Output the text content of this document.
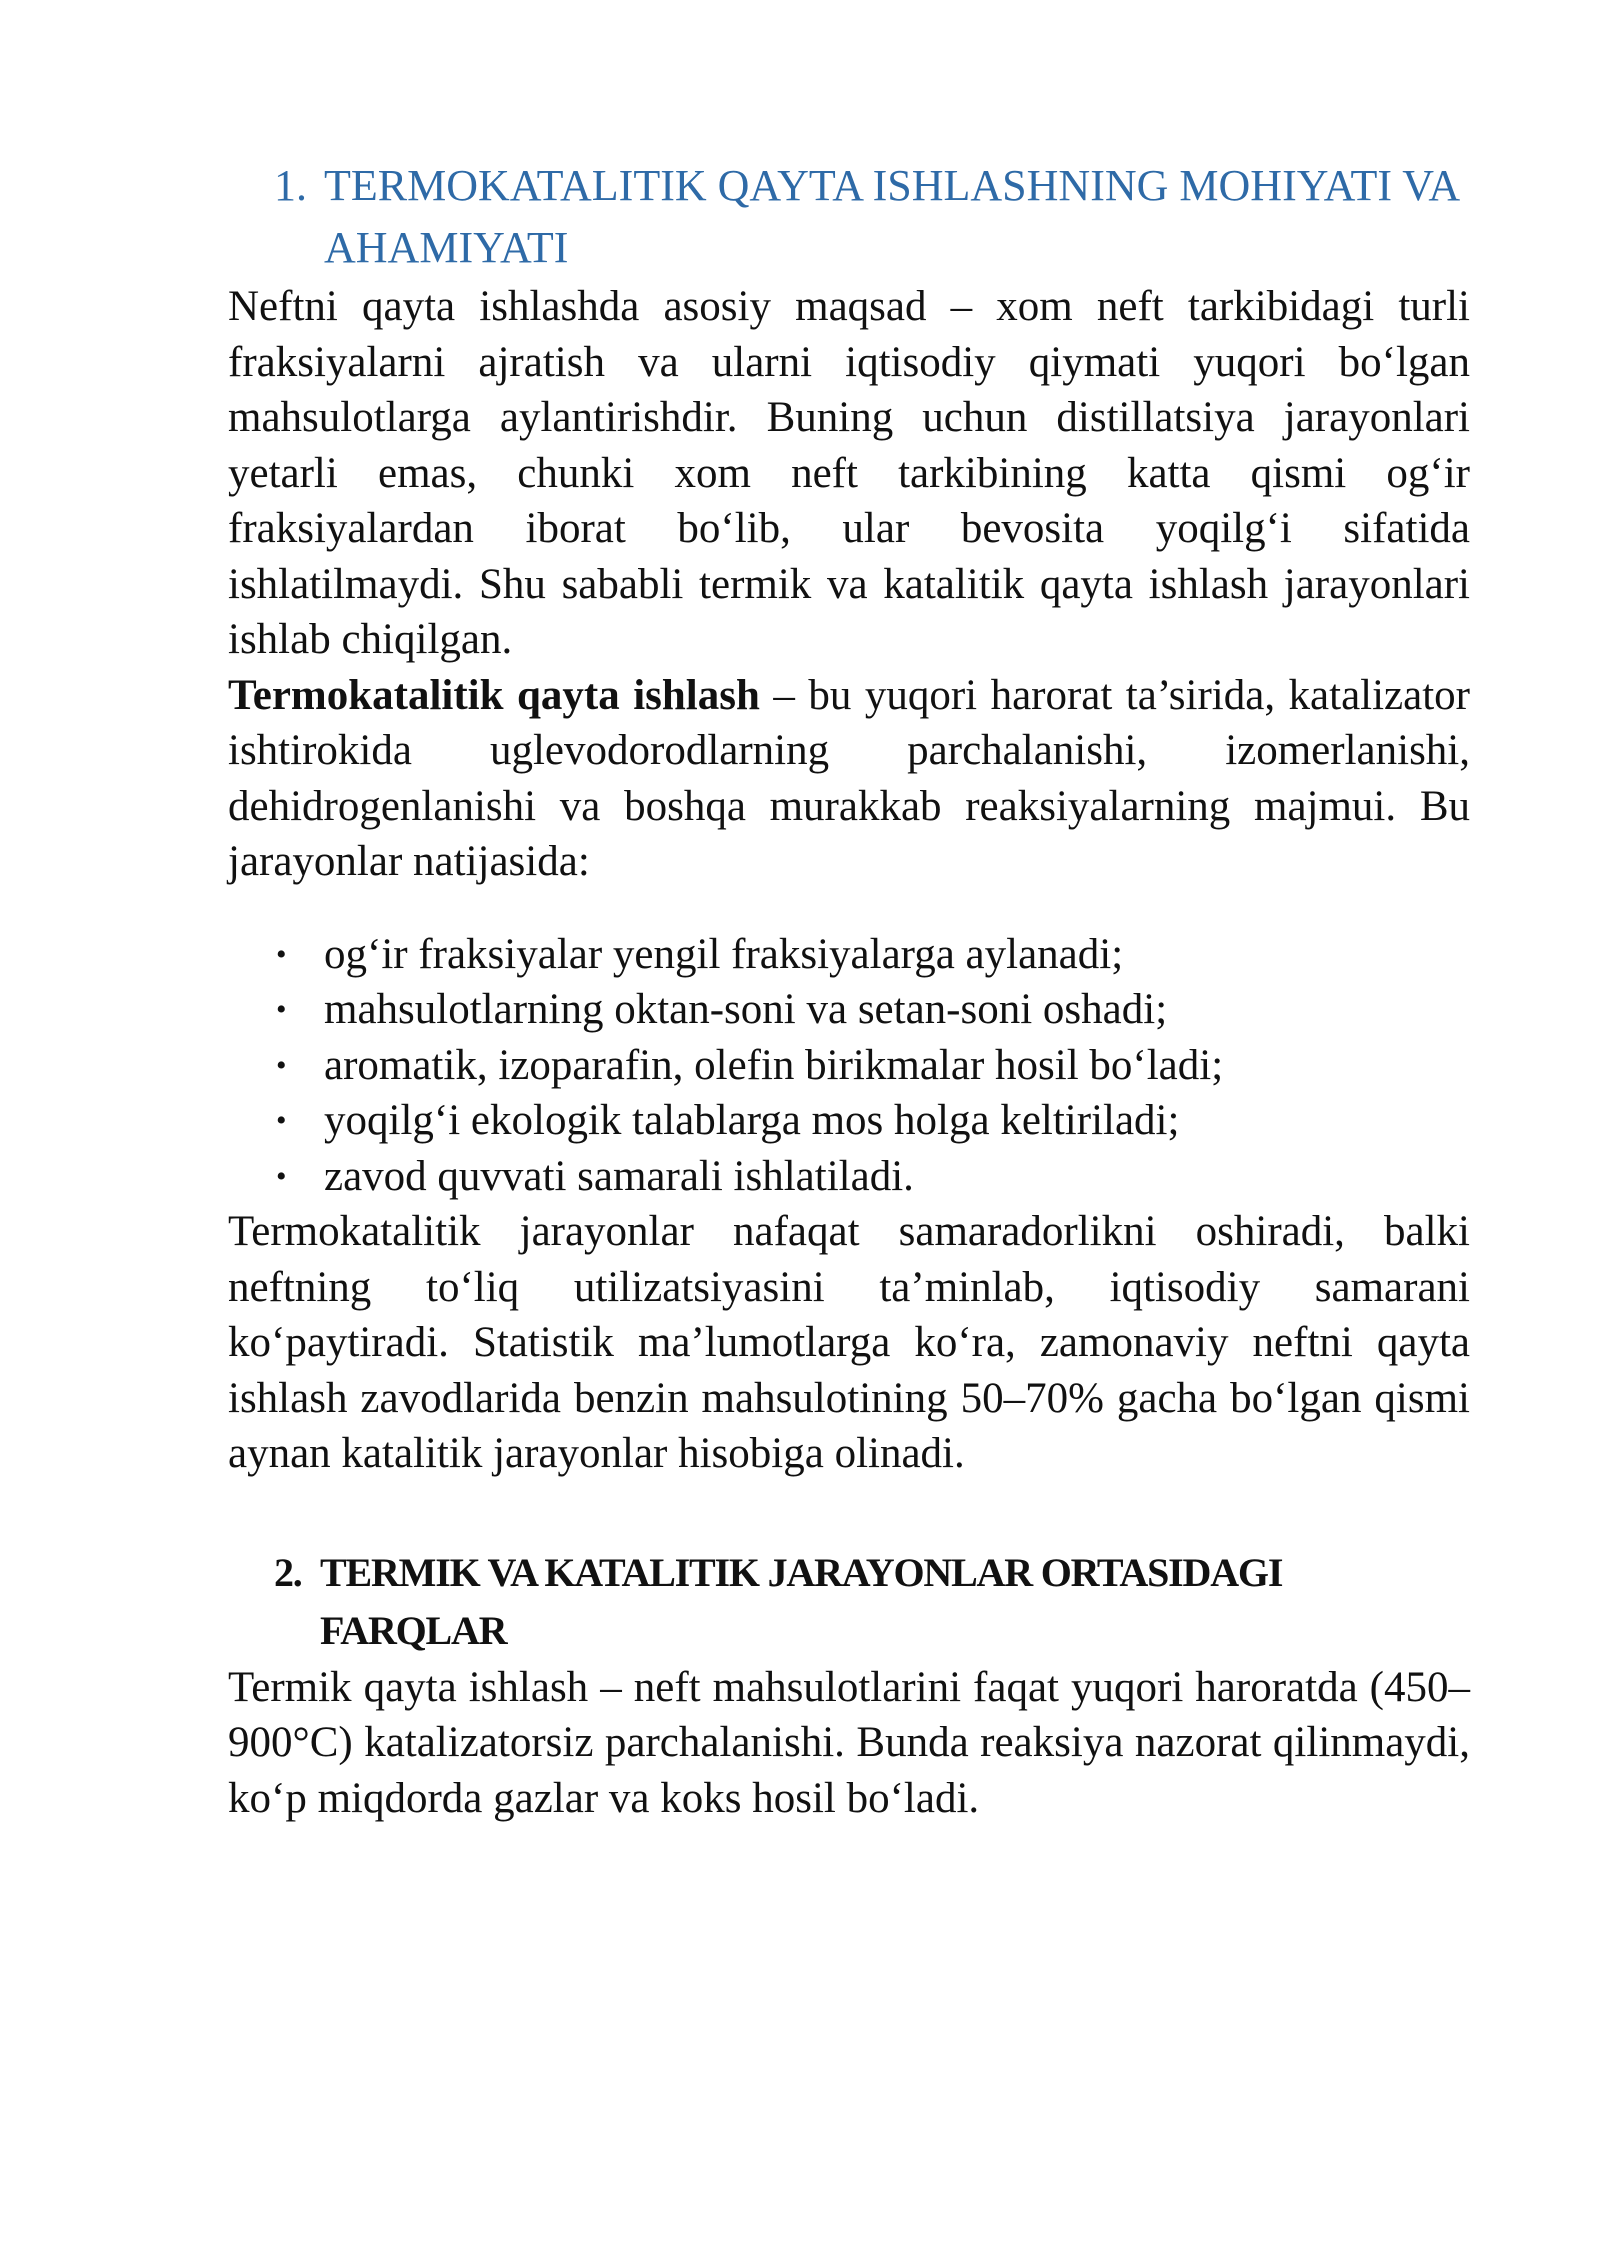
1. TERMOKATALITIK QAYTA ISHLASHNING MOHIYATI VA AHAMIYATI

Neftni qayta ishlashda asosiy maqsad – xom neft tarkibidagi turli fraksiyalarni ajratish va ularni iqtisodiy qiymati yuqori bo‘lgan mahsulotlarga aylantirishdir. Buning uchun distillatsiya jarayonlari yetarli emas, chunki xom neft tarkibining katta qismi og‘ir fraksiyalardan iborat bo‘lib, ular bevosita yoqilg‘i sifatida ishlatilmaydi. Shu sababli termik va katalitik qayta ishlash jarayonlari ishlab chiqilgan.

Termokatalitik qayta ishlash – bu yuqori harorat ta’sirida, katalizator ishtirokida uglevodorodlarning parchalanishi, izomerlanishi, dehidrogenlanishi va boshqa murakkab reaksiyalarning majmui. Bu jarayonlar natijasida:

• og‘ir fraksiyalar yengil fraksiyalarga aylanadi;
• mahsulotlarning oktan-soni va setan-soni oshadi;
• aromatik, izoparafin, olefin birikmalar hosil bo‘ladi;
• yoqilg‘i ekologik talablarga mos holga keltiriladi;
• zavod quvvati samarali ishlatiladi.

Termokatalitik jarayonlar nafaqat samaradorlikni oshiradi, balki neftning to‘liq utilizatsiyasini ta’minlab, iqtisodiy samarani ko‘paytiradi. Statistik ma’lumotlarga ko‘ra, zamonaviy neftni qayta ishlash zavodlarida benzin mahsulotining 50–70% gacha bo‘lgan qismi aynan katalitik jarayonlar hisobiga olinadi.

2. TERMIK VA KATALITIK JARAYONLAR ORTASIDAGI FARQLAR

Termik qayta ishlash – neft mahsulotlarini faqat yuqori haroratda (450–900°C) katalizatorsiz parchalanishi. Bunda reaksiya nazorat qilinmaydi, ko‘p miqdorda gazlar va koks hosil bo‘ladi.
